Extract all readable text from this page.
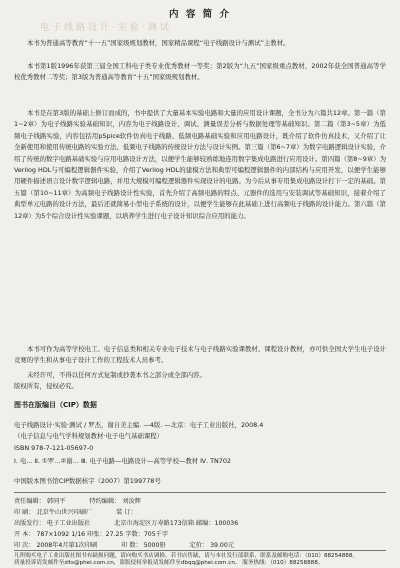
电子线路设计·实验·测试
内 容 简 介

本书为普通高等教育“十一五”国家级规划教材，国家精品课程“电子线路设计与测试”主教材。

本书第1版1996年获第三届全国工科电子类专业优秀教材一等奖；第2版为“九五”国家级重点教材，2002年获全国普通高等学校优秀教材二等奖；第3版为普通高等教育“十五”国家级规划教材。

本书是在第3版的基础上修订而成的，书中提供了大量基本实验电路和大量的应用设计课题，全书分为六篇共12章。第一篇（第1~2章）为电子线路实验基础知识，内容为电子线路设计、调试、测量误差分析与数据处理等基础知识。第二篇（第3~5章）为低频电子线路实验，内容包括用pSpice软件仿真电子线路、低频电路基础实验和应用电路设计，既介绍了软件仿真技术，又介绍了让全新使用和使用传统电路的实验方法、低频电子线路的传统设计方法与设计实例。第三篇（第6~7章）为数字电路逻辑设计实验，介绍了传统的数字电路基础实验与应用电路设计方法，以便学生能够较熟练地连用数字集成电路进行应用设计。第四篇（第8~9章）为Verilog HDL与可编程逻辑器件实验，介绍了Verilog HDL的建模方法和典型可编程逻辑器件的内部结构与应用开发，以便学生能够用硬件描述语言设计数字逻辑电路，并用大规模可编程逻辑器件实现设计的电路。为今后从事专用集成电路设计打下一定的基础。第五篇（第10~11章）为高频电子线路设计性实验，首先介绍了高频电路的特点、元器件的选用与安装调试等基础知识，接着介绍了典型单元电路的设计方法，最后还就简易小型电子系统的设计，以便学生能够在此基础上进行高频电子线路的设计能力。第六篇（第12章）为5个综合设计性实验课题，以培养学生进行电子设计知识综合应用的能力。

本书可作为高等学校电工、电子信息类和相关专业电子技术与电子线路实验课教材、课程设计教材，亦可供全国大学生电子设计竞赛的学生和从事电子设计工作的工程技术人员参考。

未经许可，不得以任何方式复制或抄袭本书之部分或全部内容。
版权所有，侵权必究。

图书在版编目（CIP）数据

电子线路设计·实验·测试 / 罗杰，谢自美主编. —4版. —北京：电子工业出版社，2008.4

（电子信息与电气学科规划教材·电子电气基础课程）

ISBN 978-7-121-05697-0

Ⅰ. 电… Ⅱ. ①罗…②谢… Ⅲ. 电子电路—电路设计—高等学校—教材 Ⅳ. TN702

中国版本图书馆CIP数据核字（2007）第199778号

责任编辑： 韩同平	特约编辑： 刘汝辉

印 刷： 北京牛山世兴印刷厂	装 订：

出版发行： 电子工业出版社	北京市海淀区万寿路173信箱 邮编：100036

开 本： 787×1092 1/16 印张：27.25 字数：705千字

印 次： 2008年4月第1次印刷	印 数： 5000册	定价： 39.00元

凡所购买电子工业出版社图书有缺损问题，请向购买书店调换。若书店售缺，请与本社发行部联系，联系及邮购电话：（010）88254888。

质量投诉请发邮件至zlts@phei.com.cn，盗版侵权举报请发邮件至dbqq@phei.com.cn。 服务热线：（010）88258888。
